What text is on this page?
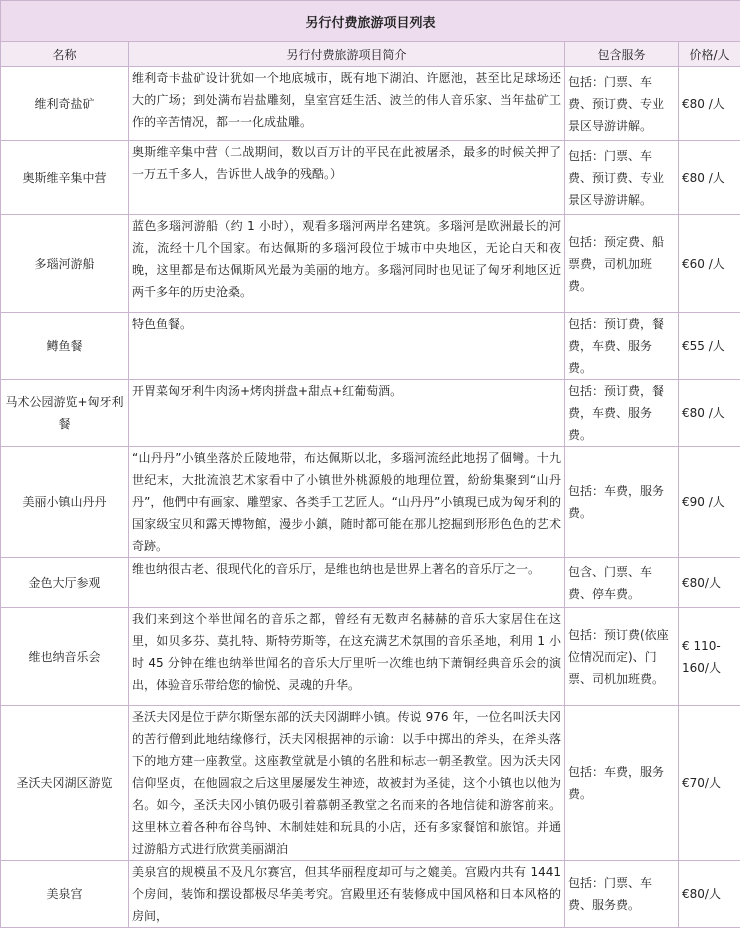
另行付费旅游项目列表			
名称	另行付费旅游项目简介	包含服务	价格/人
维利奇盐矿	维利奇卡盐矿设计犹如一个地底城市，既有地下湖泊、许愿池，甚至比足球场还大的广场；到处满布岩盐雕刻，皇室宫廷生活、波兰的伟人音乐家、当年盐矿工作的辛苦情况，都一一化成盐雕。	包括：门票、车费、预订费、专业景区导游讲解。	€80 /人
奥斯维辛集中营	奥斯维辛集中营（二战期间，数以百万计的平民在此被屠杀，最多的时候关押了一万五千多人，告诉世人战争的残酷。）	包括：门票、车费、预订费、专业景区导游讲解。	€80 /人
多瑙河游船	蓝色多瑙河游船（约 1 小时），观看多瑙河两岸名建筑。多瑙河是欧洲最长的河流，流经十几个国家。布达佩斯的多瑙河段位于城市中央地区，无论白天和夜晚，这里都是布达佩斯风光最为美丽的地方。多瑙河同时也见证了匈牙利地区近两千多年的历史沧桑。	包括：预定费、船票费，司机加班费。	€60 /人
鳟鱼餐	特色鱼餐。	包括：预订费，餐费，车费、服务费。	€55 /人
马术公园游览+匈牙利餐	开胃菜匈牙利牛肉汤+烤肉拼盘+甜点+红葡萄酒。	包括：预订费，餐费，车费、服务费。	€80 /人
美丽小镇山丹丹	“山丹丹”小镇坐落於丘陵地带，布达佩斯以北，多瑙河流经此地拐了個彎。十九世纪末，大批流浪艺术家看中了小镇世外桃源般的地理位置，紛紛集聚到“山丹丹”，他們中有画家、雕塑家、各类手工艺匠人。“山丹丹”小镇現已成为匈牙利的国家级宝贝和露天博物館，漫步小鎮，随时都可能在那儿挖掘到形形色色的艺术奇跡。	包括：车费，服务费。	€90 /人
金色大厅参观	维也纳很古老、很现代化的音乐厅，是维也纳也是世界上著名的音乐厅之一。	包含、门票、车费、停车费。	€80/人
维也纳音乐会	我们来到这个举世闻名的音乐之都，曾经有无数声名赫赫的音乐大家居住在这里，如贝多芬、莫扎特、斯特劳斯等，在这充满艺术氛围的音乐圣地，利用 1 小时 45 分钟在维也纳举世闻名的音乐大厅里听一次维也纳下萧铜经典音乐会的演出，体验音乐带给您的愉悦、灵魂的升华。	包括：预订费(依座位情况而定)、门票、司机加班费。	€ 110-160/人
圣沃夫冈湖区游览	圣沃夫冈是位于萨尔斯堡东部的沃夫冈湖畔小镇。传说 976 年，一位名叫沃夫冈的苦行僧到此地结缘修行，沃夫冈根据神的示谕：以手中掷出的斧头，在斧头落下的地方建一座教堂。这座教堂就是小镇的名胜和标志一朝圣教堂。因为沃夫冈信仰坚贞，在他圆寂之后这里屡屡发生神迹，故被封为圣徒，这个小镇也以他为名。如今，圣沃夫冈小镇仍吸引着慕朝圣教堂之名而来的各地信徒和游客前来。这里林立着各种布谷鸟钟、木制娃娃和玩具的小店，还有多家餐馆和旅馆。并通过游船方式进行欣赏美丽湖泊	包括：车费，服务费。	€70/人
美泉宫	美泉宫的规模虽不及凡尔赛宫，但其华丽程度却可与之媲美。宫殿内共有 1441 个房间，装饰和摆设都极尽华美考究。宫殿里还有装修成中国风格和日本风格的房间，	包括：门票、车费、服务费。	€80/人
